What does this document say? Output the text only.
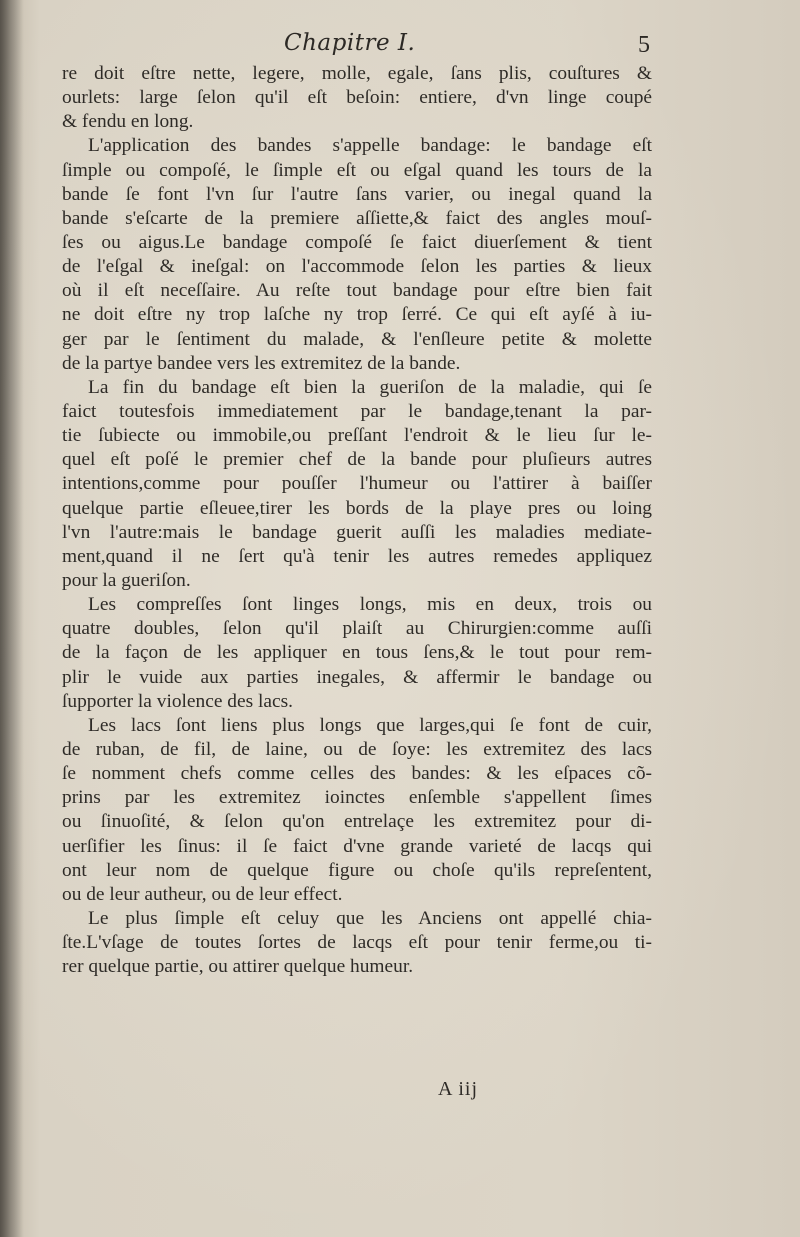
Chapitre I.	5
re doit eſtre nette, legere, molle, egale, ſans plis, couſtures &
ourlets: large ſelon qu'il eſt beſoin: entiere, d'vn linge coupé
& fendu en long.
L'application des bandes s'appelle bandage: le bandage eſt
ſimple ou compoſé, le ſimple eſt ou eſgal quand les tours de la
bande ſe font l'vn ſur l'autre ſans varier, ou inegal quand la
bande s'eſcarte de la premiere aſſiette,& faict des angles mouſ-
ſes ou aigus.Le bandage compoſé ſe faict diuerſement & tient
de l'eſgal & ineſgal: on l'accommode ſelon les parties & lieux
où il eſt neceſſaire. Au reſte tout bandage pour eſtre bien fait
ne doit eſtre ny trop laſche ny trop ſerré. Ce qui eſt ayſé à iu-
ger par le ſentiment du malade, & l'enſleure petite & molette
de la partye bandee vers les extremitez de la bande.
La fin du bandage eſt bien la gueriſon de la maladie, qui ſe
faict toutesfois immediatement par le bandage,tenant la par-
tie ſubiecte ou immobile,ou preſſant l'endroit & le lieu ſur le-
quel eſt poſé le premier chef de la bande pour pluſieurs autres
intentions,comme pour pouſſer l'humeur ou l'attirer à baiſſer
quelque partie eſleuee,tirer les bords de la playe pres ou loing
l'vn l'autre:mais le bandage guerit auſſi les maladies mediate-
ment,quand il ne ſert qu'à tenir les autres remedes appliquez
pour la gueriſon.
Les compreſſes ſont linges longs, mis en deux, trois ou
quatre doubles, ſelon qu'il plaiſt au Chirurgien:comme auſſi
de la façon de les appliquer en tous ſens,& le tout pour rem-
plir le vuide aux parties inegales, & affermir le bandage ou
ſupporter la violence des lacs.
Les lacs ſont liens plus longs que larges,qui ſe font de cuir,
de ruban, de fil, de laine, ou de ſoye: les extremitez des lacs
ſe nomment chefs comme celles des bandes: & les eſpaces cõ-
prins par les extremitez ioinctes enſemble s'appellent ſimes
ou ſinuoſité, & ſelon qu'on entrelaçe les extremitez pour di-
uerſifier les ſinus: il ſe faict d'vne grande varieté de lacqs qui
ont leur nom de quelque figure ou choſe qu'ils repreſentent,
ou de leur autheur, ou de leur effect.
Le plus ſimple eſt celuy que les Anciens ont appellé chia-
ſte.L'vſage de toutes ſortes de lacqs eſt pour tenir ferme,ou ti-
rer quelque partie, ou attirer quelque humeur.
A iij
